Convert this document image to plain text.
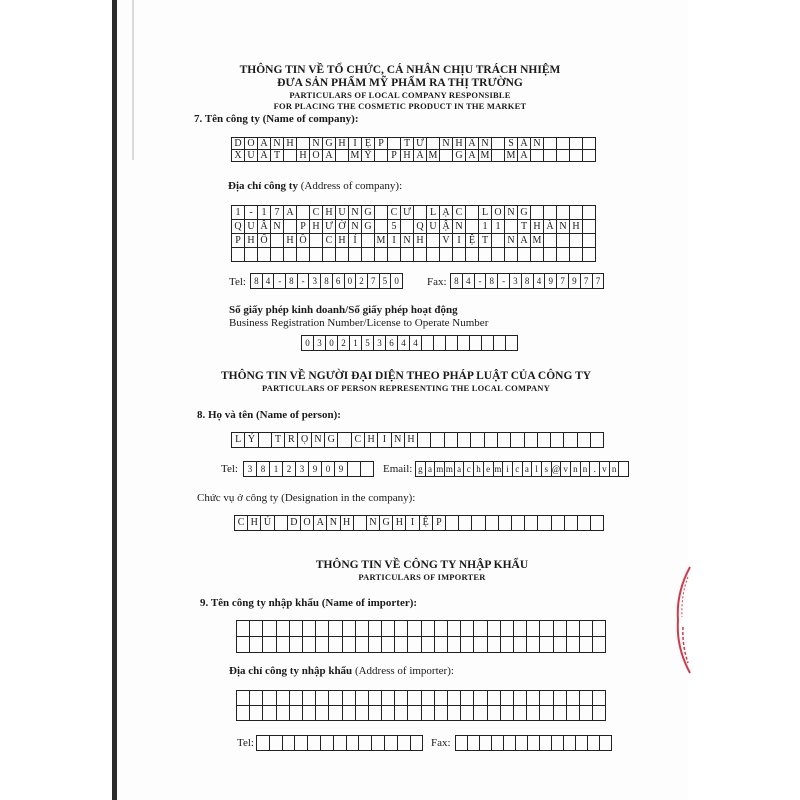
THÔNG TIN VỀ TỔ CHỨC, CÁ NHÂN CHỊU TRÁCH NHIỆM
ĐƯA SẢN PHẨM MỸ PHẨM RA THỊ TRƯỜNG
PARTICULARS OF LOCAL COMPANY RESPONSIBLE
FOR PLACING THE COSMETIC PRODUCT IN THE MARKET
7. Tên công ty (Name of company):
D O A N H	N G H I Ệ P	T Ư	N H Â N	S Ả N
X U Ấ T	H Ó A	M Ỹ	P H Ẩ M G A M M A
Địa chỉ công ty (Address of company):
1 - 1 7 A	C H U N G	C Ư	L Ạ C	L O N G
Q U Â N	P H Ư Ờ N G	5	Q U Ậ N	1 1	T H À N H
P H Ố	H Ồ	C H Í	M I N H	V I Ệ T	N A M
Tel: 8 4 - 8 - 3 8 6 0 2 7 5 0	Fax: 8 4 - 8 - 3 8 4 9 7 9 7 7
Số giấy phép kinh doanh/Số giấy phép hoạt động
Business Registration Number/License to Operate Number
0 3 0 2 1 5 3 6 4 4
THÔNG TIN VỀ NGƯỜI ĐẠI DIỆN THEO PHÁP LUẬT CỦA CÔNG TY
PARTICULARS OF PERSON REPRESENTING THE LOCAL COMPANY
8. Họ và tên (Name of person):
L Ý	T R Ọ N G	C H I N H
Tel:	3 8 1 2 3 9 0 9	Email: g a m m a c h e m i c a l s @ v n n . v n
Chức vụ ở công ty (Designation in the company):
C H Ủ	D O A N H	N G H I Ệ P
THÔNG TIN VỀ CÔNG TY NHẬP KHẨU
PARTICULARS OF IMPORTER
9. Tên công ty nhập khẩu (Name of importer):
Địa chỉ công ty nhập khẩu (Address of importer):
Tel:	Fax:
